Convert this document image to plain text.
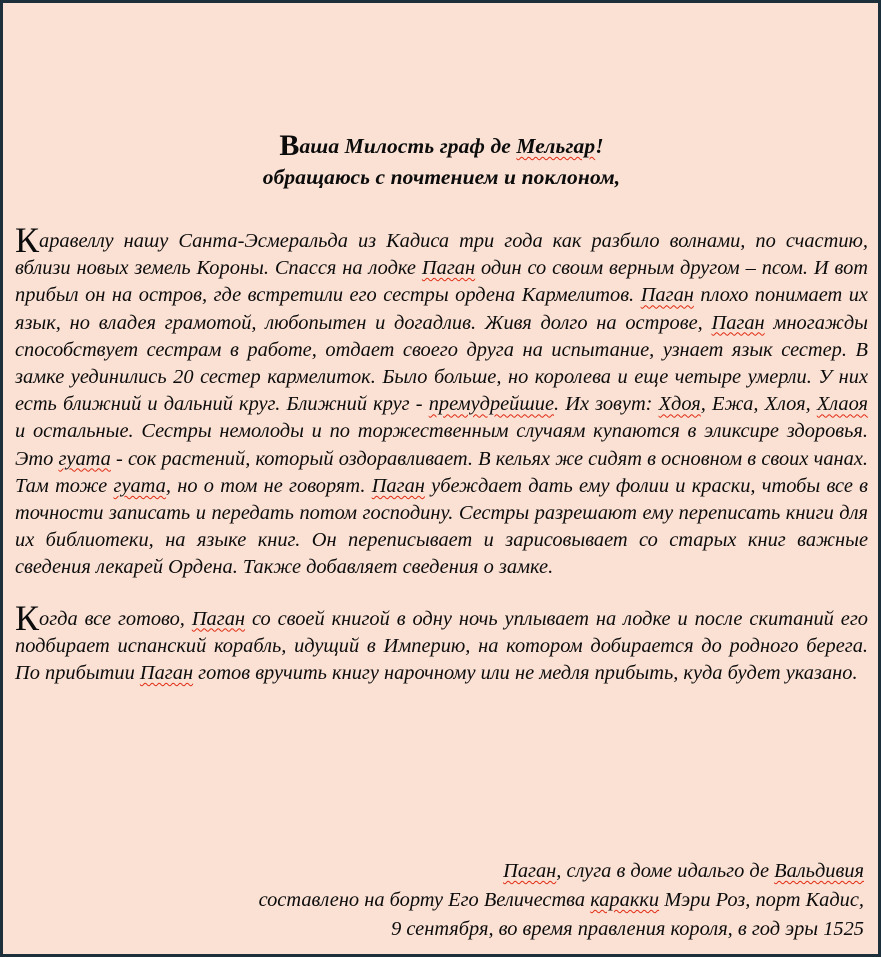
Ваша Милость граф де Мельгар!
обращаюсь с почтением и поклоном,

Каравеллу нашу Санта-Эсмеральда из Кадиса три года как разбило волнами, по счастию, вблизи новых земель Короны. Спасся на лодке Паган один со своим верным другом – псом. И вот прибыл он на остров, где встретили его сестры ордена Кармелитов. Паган плохо понимает их язык, но владея грамотой, любопытен и догадлив. Живя долго на острове, Паган многажды способствует сестрам в работе, отдает своего друга на испытание, узнает язык сестер. В замке уединились 20 сестер кармелиток. Было больше, но королева и еще четыре умерли. У них есть ближний и дальний круг. Ближний круг - премудрейшие. Их зовут: Хдоя, Ежа, Хлоя, Хлаоя и остальные. Сестры немолоды и по торжественным случаям купаются в эликсире здоровья. Это гуата - сок растений, который оздоравливает. В кельях же сидят в основном в своих чанах. Там тоже гуата, но о том не говорят. Паган убеждает дать ему фолии и краски, чтобы все в точности записать и передать потом господину. Сестры разрешают ему переписать книги для их библиотеки, на языке книг. Он переписывает и зарисовывает со старых книг важные сведения лекарей Ордена. Также добавляет сведения о замке.

Когда все готово, Паган со своей книгой в одну ночь уплывает на лодке и после скитаний его подбирает испанский корабль, идущий в Империю, на котором добирается до родного берега. По прибытии Паган готов вручить книгу нарочному или не медля прибыть, куда будет указано.

Паган, слуга в доме идальго де Вальдивия
составлено на борту Его Величества каракки Мэри Роз, порт Кадис,
9 сентября, во время правления короля, в год эры 1525
